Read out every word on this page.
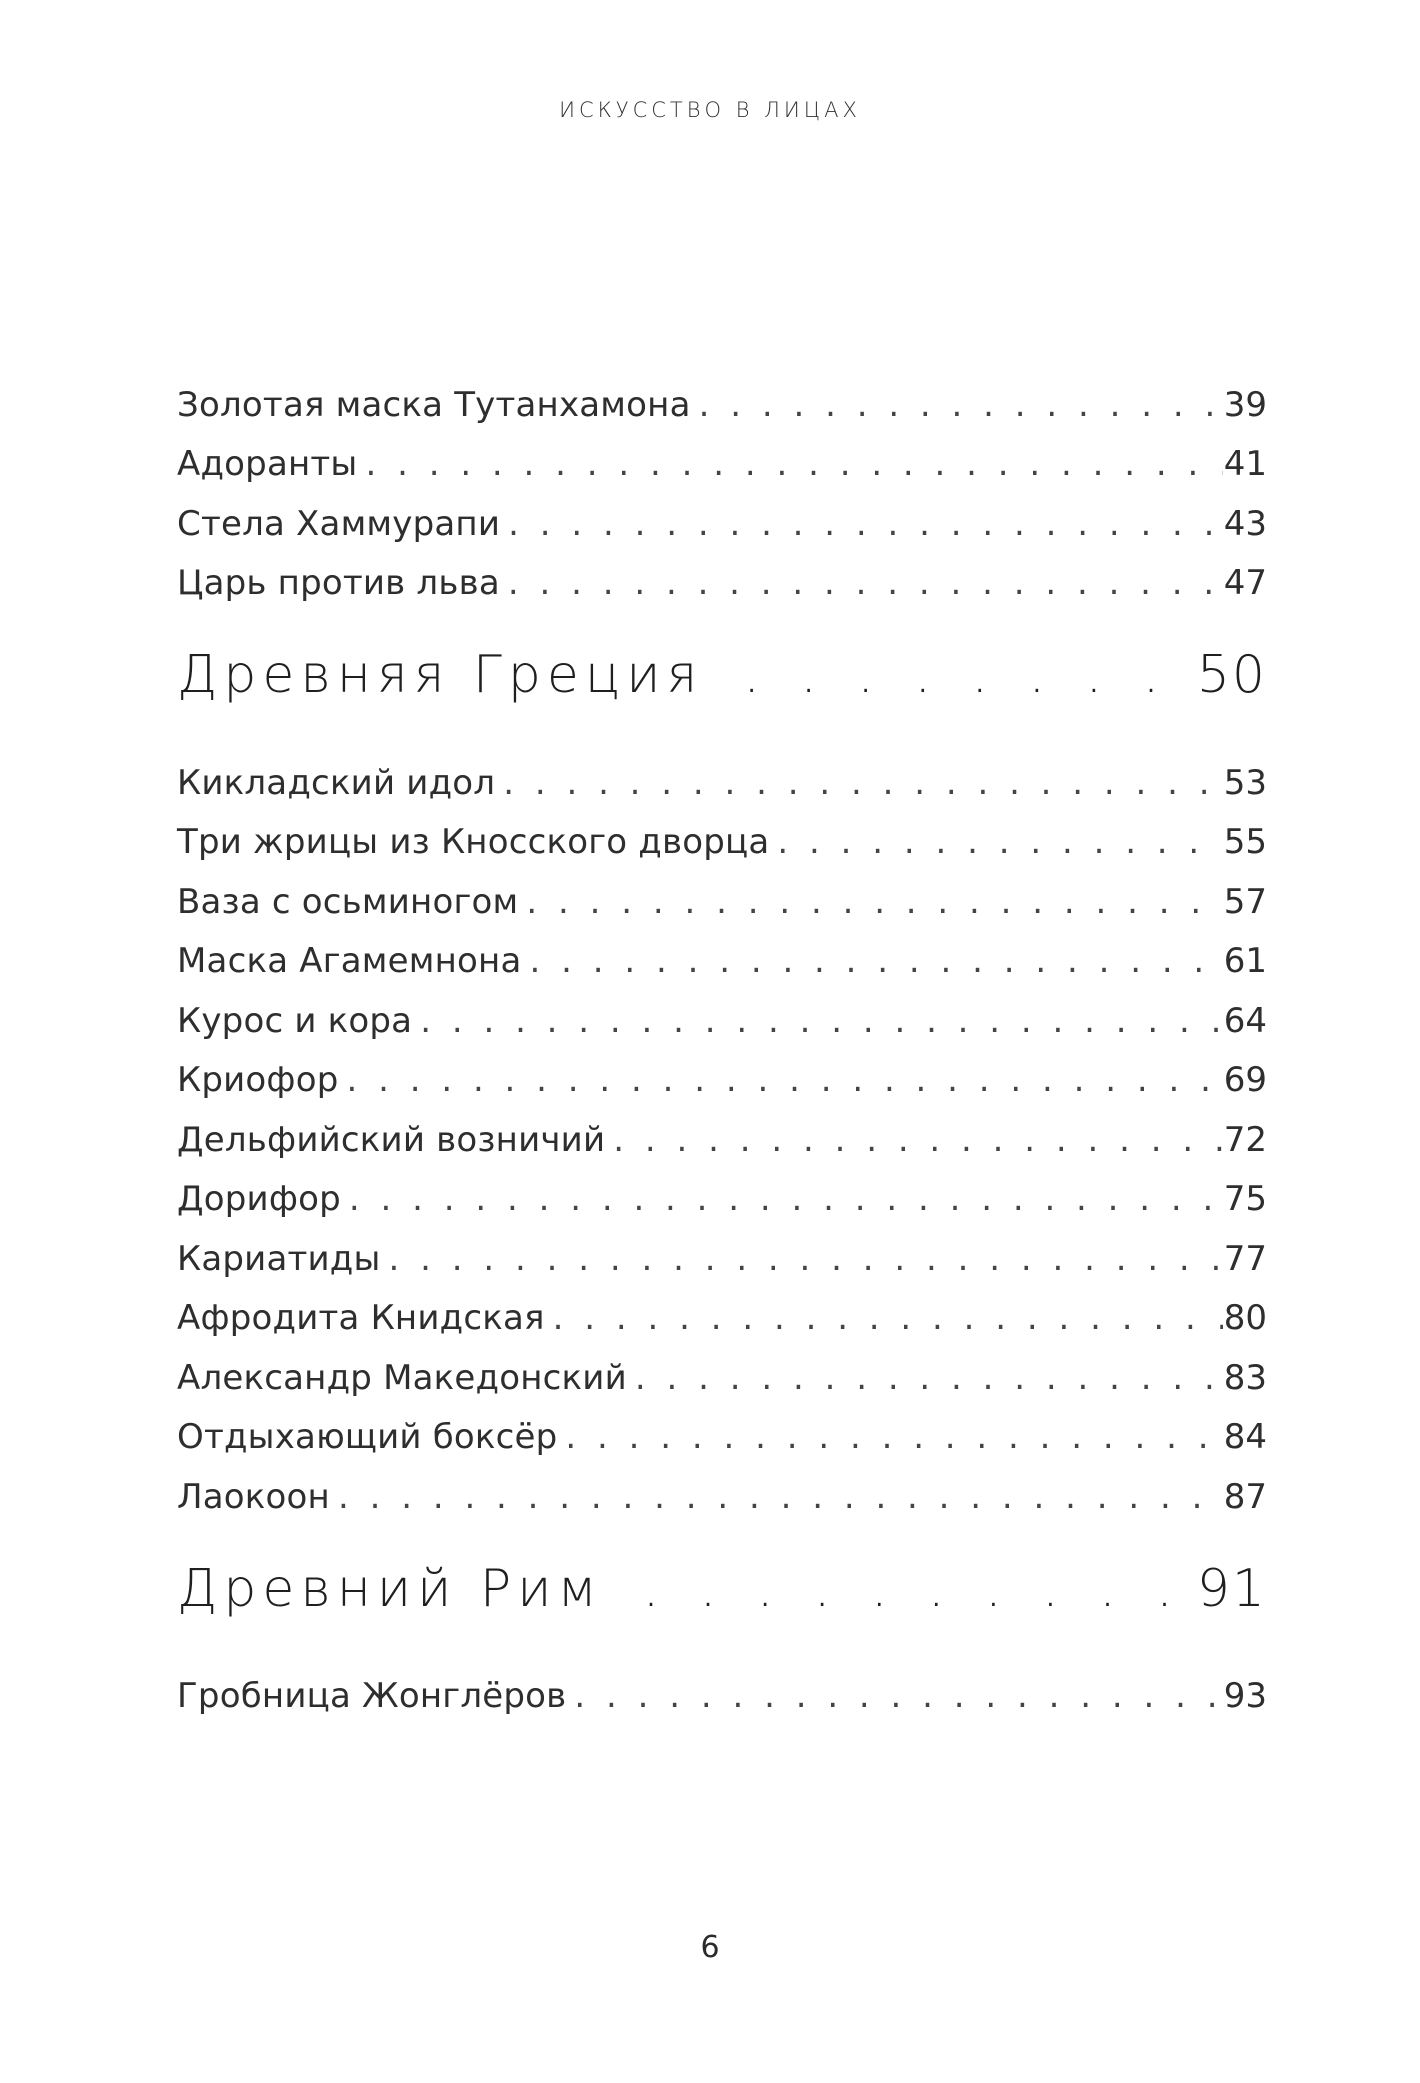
ИСКУССТВО В ЛИЦАХ
Золотая маска Тутанхамона . . .	39
Адоранты . . .	41
Стела Хаммурапи . . .	43
Царь против льва . . .	47
Древняя Греция . . .	50
Кикладский идол . . .	53
Три жрицы из Кносского дворца . . .	55
Ваза с осьминогом . . .	57
Маска Агамемнона . . .	61
Курос и кора . . .	64
Криофор . . .	69
Дельфийский возничий . . .	72
Дорифор . . .	75
Кариатиды . . .	77
Афродита Книдская . . .	80
Александр Македонский . . .	83
Отдыхающий боксёр . . .	84
Лаокоон . . .	87
Древний Рим . . .	91
Гробница Жонглёров . . .	93
6
